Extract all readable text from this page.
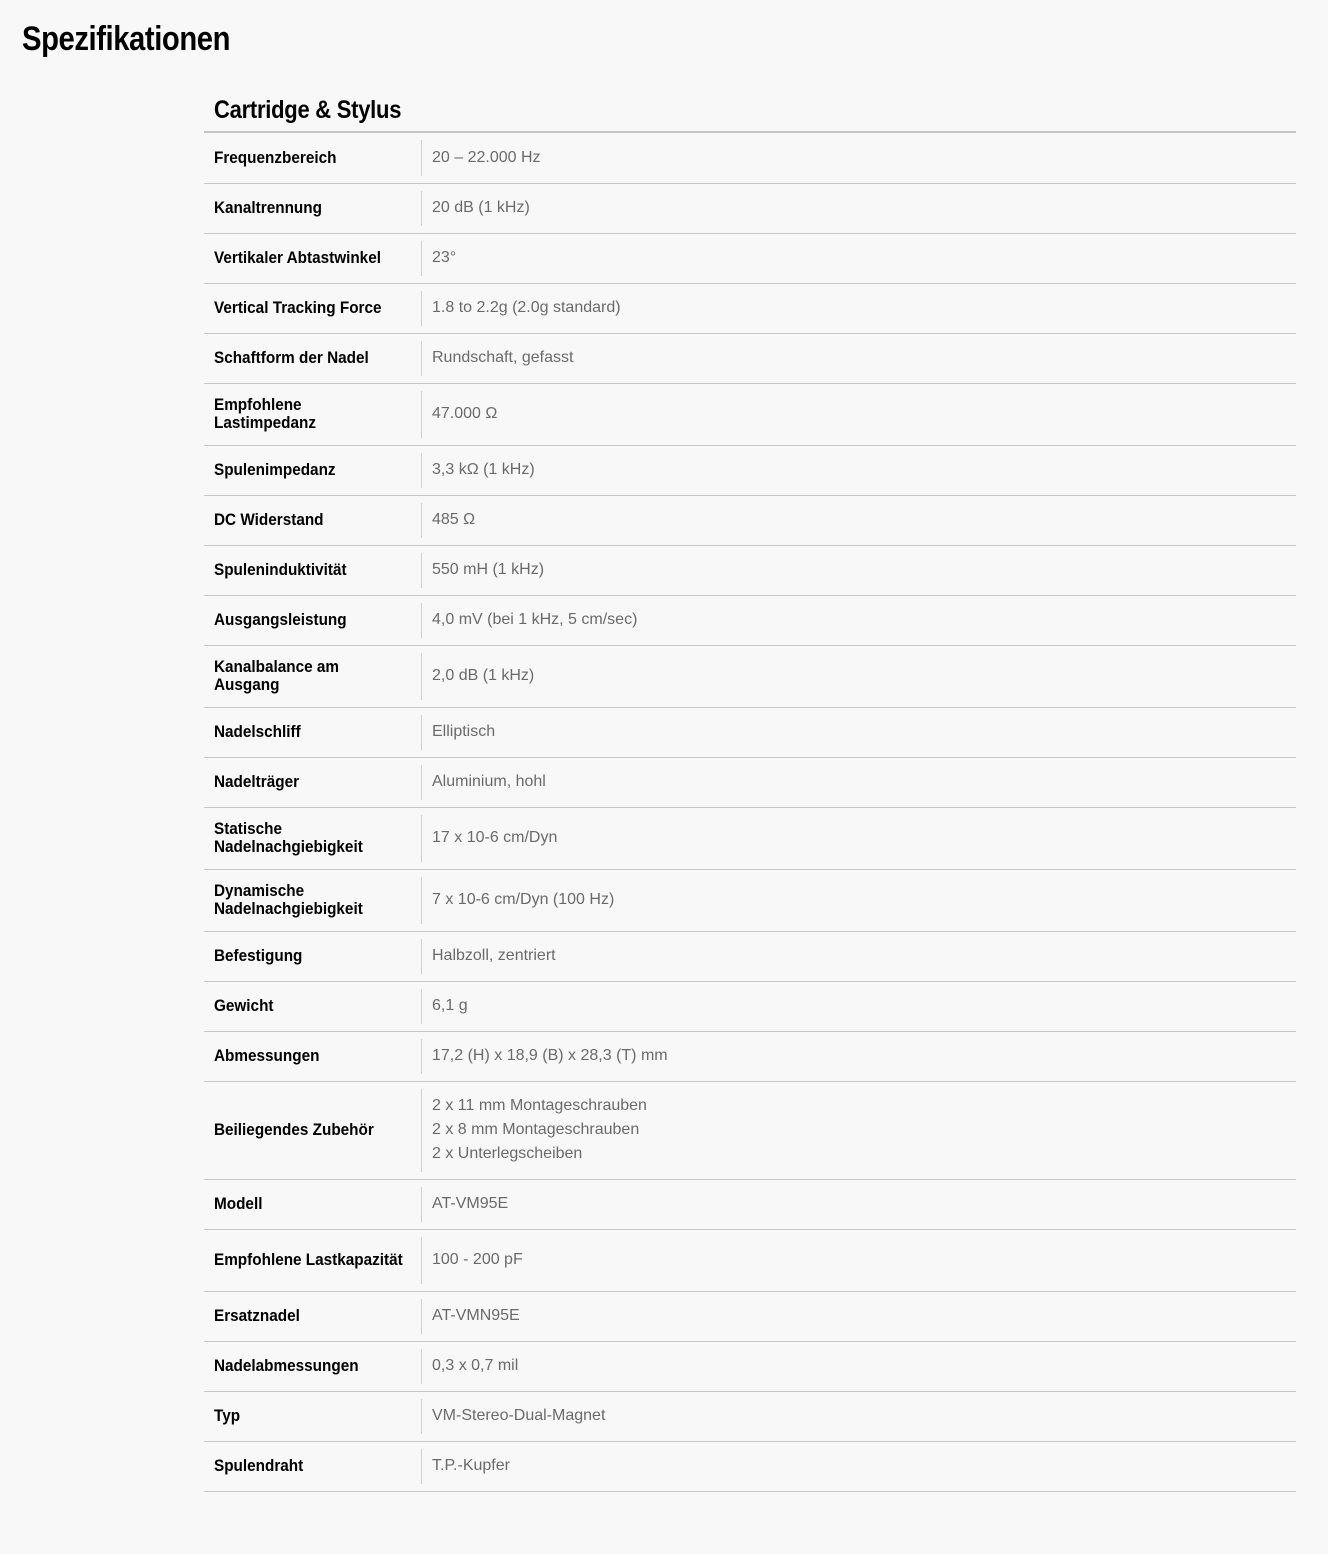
Spezifikationen
Cartridge & Stylus
Frequenzbereich	20 – 22.000 Hz

Kanaltrennung	20 dB (1 kHz)

Vertikaler Abtastwinkel	23°

Vertical Tracking Force	1.8 to 2.2g (2.0g standard)

Schaftform der Nadel	Rundschaft, gefasst

Empfohlene Lastimpedanz	47.000 Ω

Spulenimpedanz	3,3 kΩ (1 kHz)

DC Widerstand	485 Ω

Spuleninduktivität	550 mH (1 kHz)

Ausgangsleistung	4,0 mV (bei 1 kHz, 5 cm/sec)

Kanalbalance am Ausgang	2,0 dB (1 kHz)

Nadelschliff	Elliptisch

Nadelträger	Aluminium, hohl

Statische Nadelnachgiebigkeit	17 x 10-6 cm/Dyn

Dynamische Nadelnachgiebigkeit	7 x 10-6 cm/Dyn (100 Hz)

Befestigung	Halbzoll, zentriert

Gewicht	6,1 g

Abmessungen	17,2 (H) x 18,9 (B) x 28,3 (T) mm

Beiliegendes Zubehör	2 x 11 mm Montageschrauben
2 x 8 mm Montageschrauben
2 x Unterlegscheiben

Modell	AT-VM95E

Empfohlene Lastkapazität	100 - 200 pF

Ersatznadel	AT-VMN95E

Nadelabmessungen	0,3 x 0,7 mil

Typ	VM-Stereo-Dual-Magnet

Spulendraht	T.P.-Kupfer
